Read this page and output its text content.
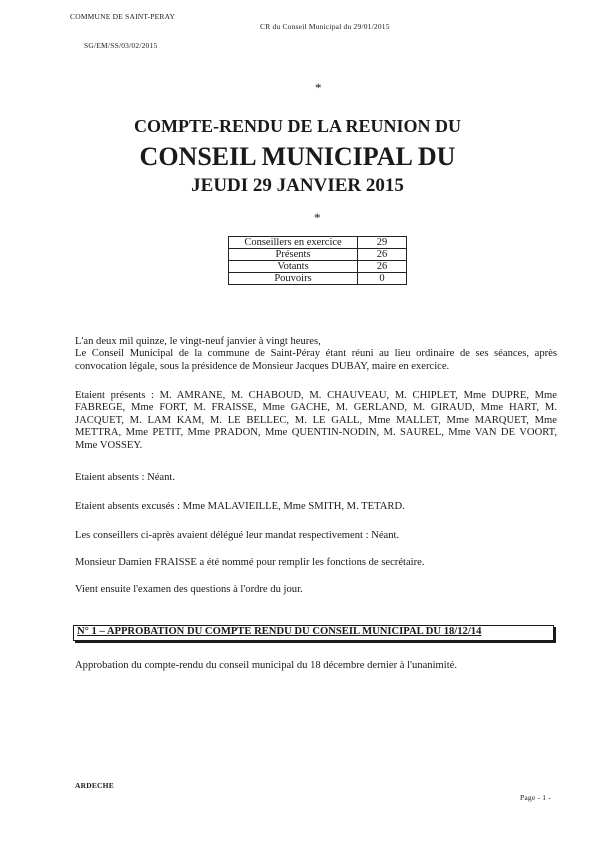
COMMUNE DE SAINT-PERAY
CR du Conseil Municipal du 29/01/2015
SG/EM/SS/03/02/2015
*
COMPTE-RENDU DE LA REUNION DU
CONSEIL MUNICIPAL DU
JEUDI 29 JANVIER 2015
*
Conseillers en exercice	29
Présents	26
Votants	26
Pouvoirs	0
L'an deux mil quinze, le vingt-neuf janvier à vingt heures,
Le Conseil Municipal de la commune de Saint-Péray étant réuni au lieu ordinaire de ses séances, après convocation légale, sous la présidence de Monsieur Jacques DUBAY, maire en exercice.
Etaient présents : M. AMRANE, M. CHABOUD, M. CHAUVEAU, M. CHIPLET, Mme DUPRE, Mme FABREGE, Mme FORT, M. FRAISSE, Mme GACHE, M. GERLAND, M. GIRAUD, Mme HART, M. JACQUET, M. LAM KAM, M. LE BELLEC, M. LE GALL, Mme MALLET, Mme MARQUET, Mme METTRA, Mme PETIT, Mme PRADON, Mme QUENTIN-NODIN, M. SAUREL, Mme VAN DE VOORT, Mme VOSSEY.
Etaient absents : Néant.
Etaient absents excusés : Mme MALAVIEILLE, Mme SMITH, M. TETARD.
Les conseillers ci-après avaient délégué leur mandat respectivement : Néant.
Monsieur Damien FRAISSE a été nommé pour remplir les fonctions de secrétaire.
Vient ensuite l'examen des questions à l'ordre du jour.
N° 1 – APPROBATION DU COMPTE RENDU DU CONSEIL MUNICIPAL DU 18/12/14
Approbation du compte-rendu du conseil municipal du 18 décembre dernier à l'unanimité.
ARDECHE
Page - 1 -
